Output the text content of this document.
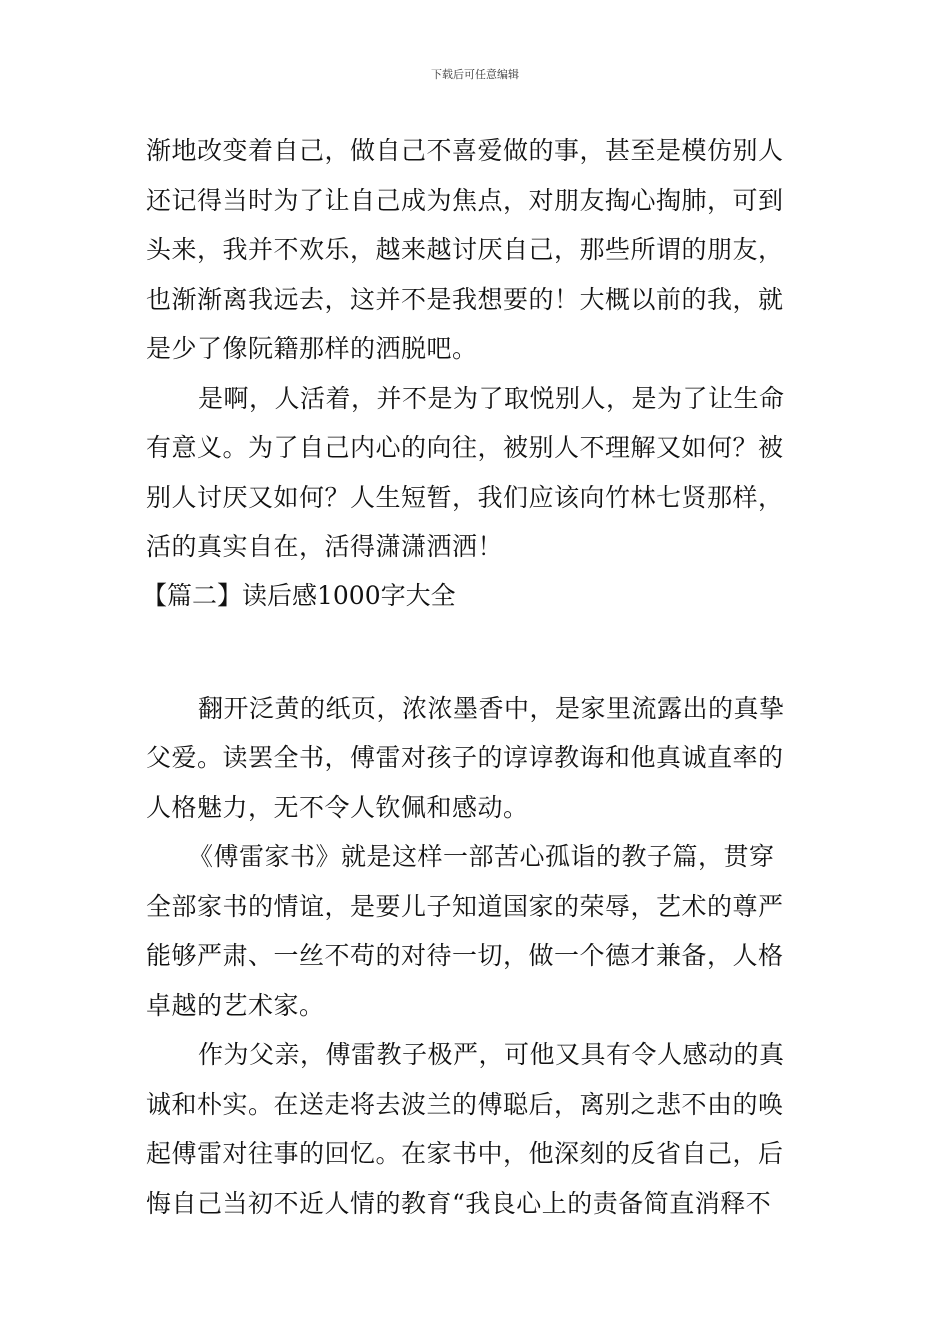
下载后可任意编辑
渐地改变着自己，做自己不喜爱做的事，甚至是模仿别人
还记得当时为了让自己成为焦点，对朋友掏心掏肺，可到
头来，我并不欢乐，越来越讨厌自己，那些所谓的朋友，
也渐渐离我远去，这并不是我想要的！大概以前的我，就
是少了像阮籍那样的洒脱吧。
是啊，人活着，并不是为了取悦别人，是为了让生命
有意义。为了自己内心的向往，被别人不理解又如何？被
别人讨厌又如何？人生短暂，我们应该向竹林七贤那样，
活的真实自在，活得潇潇洒洒！
【篇二】读后感1000字大全
翻开泛黄的纸页，浓浓墨香中，是家里流露出的真挚
父爱。读罢全书，傅雷对孩子的谆谆教诲和他真诚直率的
人格魅力，无不令人钦佩和感动。
《傅雷家书》就是这样一部苦心孤诣的教子篇，贯穿
全部家书的情谊，是要儿子知道国家的荣辱，艺术的尊严
能够严肃、一丝不苟的对待一切，做一个德才兼备，人格
卓越的艺术家。
作为父亲，傅雷教子极严，可他又具有令人感动的真
诚和朴实。在送走将去波兰的傅聪后，离别之悲不由的唤
起傅雷对往事的回忆。在家书中，他深刻的反省自己，后
悔自己当初不近人情的教育“我良心上的责备简直消释不
